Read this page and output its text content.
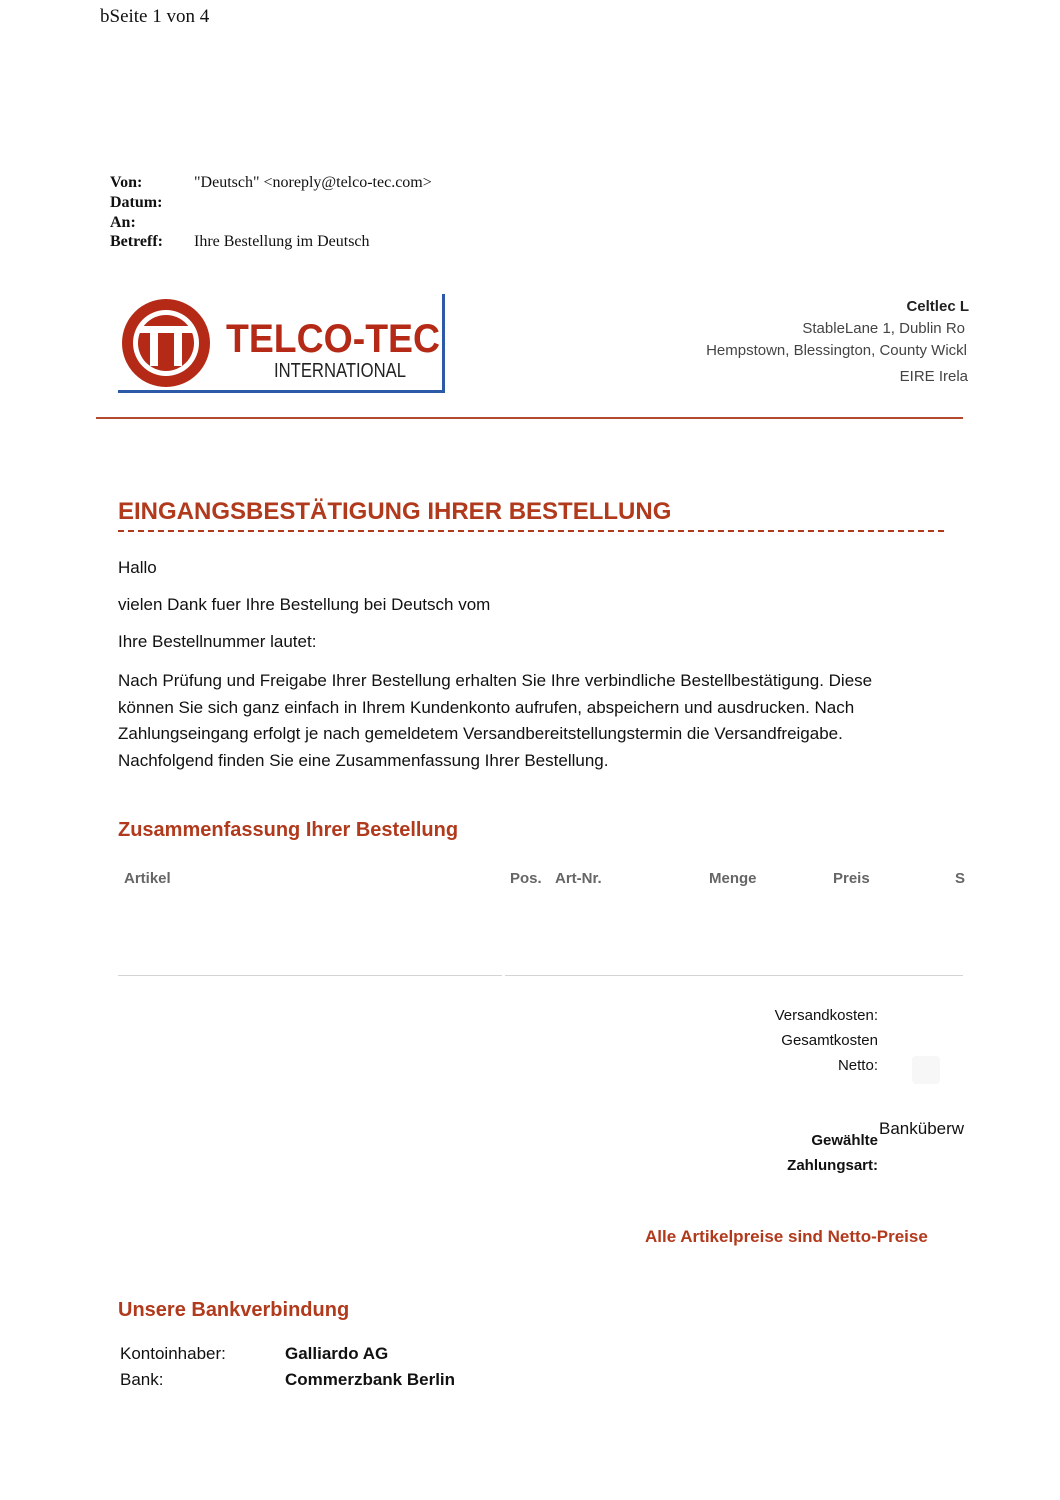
bSeite 1 von 4
Von:	"Deutsch" <noreply@telco-tec.com>
Datum:
An:
Betreff: Ihre Bestellung im Deutsch
TELCO-TEC
INTERNATIONAL
Celtlec L
StableLane 1, Dublin Ro
Hempstown, Blessington, County Wickl
EIRE Irela
EINGANGSBESTÄTIGUNG IHRER BESTELLUNG
Hallo
vielen Dank fuer Ihre Bestellung bei Deutsch vom
Ihre Bestellnummer lautet:
Nach Prüfung und Freigabe Ihrer Bestellung erhalten Sie Ihre verbindliche Bestellbestätigung. Diese können Sie sich ganz einfach in Ihrem Kundenkonto aufrufen, abspeichern und ausdrucken. Nach Zahlungseingang erfolgt je nach gemeldetem Versandbereitstellungstermin die Versandfreigabe. Nachfolgend finden Sie eine Zusammenfassung Ihrer Bestellung.
Zusammenfassung Ihrer Bestellung
Artikel	Pos. Art-Nr.	Menge	Preis	S
Versandkosten:
Gesamtkosten
Netto:
Gewählte
Zahlungsart:
Banküberw
Alle Artikelpreise sind Netto-Preise
Unsere Bankverbindung
Kontoinhaber:	Galliardo AG
Bank:	Commerzbank Berlin
